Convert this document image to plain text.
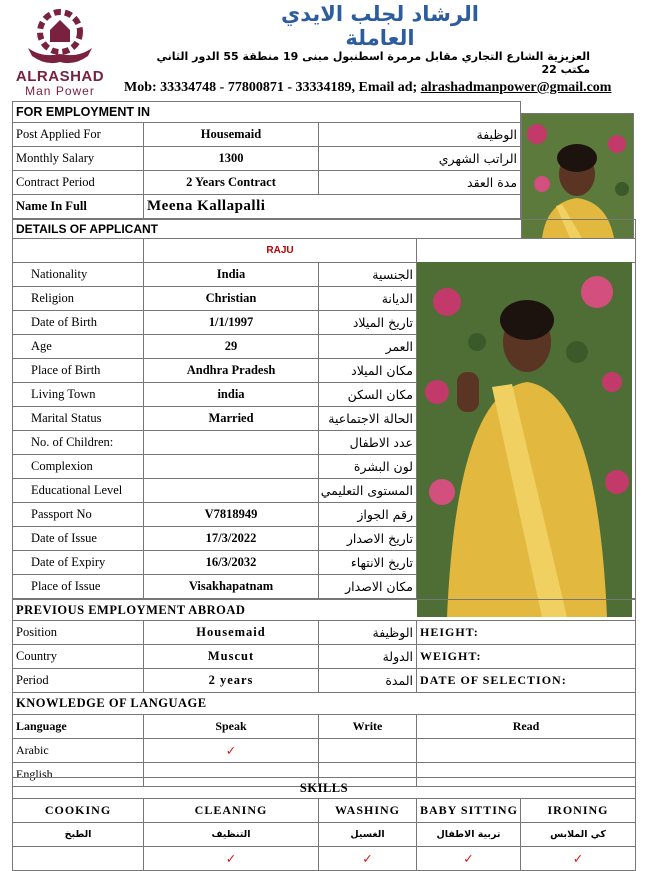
ALRASHAD
Man Power
الرشاد لجلب الايدي العاملة
العزيزية الشارع التجاري مقابل مرمرة اسطنبول مبنى 19 منطقة 55 الدور الثاني مكتب 22
Mob: 33334748 - 77800871 - 33334189, Email ad; alrashadmanpower@gmail.com
FOR EMPLOYMENT IN		
Post Applied For	Housemaid	الوظيفة
Monthly Salary	1300	الراتب الشهري
Contract Period	2 Years Contract	مدة العقد
Name In Full	Meena Kallapalli	
DETAILS OF APPLICANT			
	RAJU		
Nationality	India	الجنسية	
Religion	Christian	الديانة	
Date of Birth	1/1/1997	تاريخ الميلاد	
Age	29	العمر	
Place of Birth	Andhra Pradesh	مكان الميلاد	
Living Town	india	مكان السكن	
Marital Status	Married	الحالة الاجتماعية	
No. of Children:		عدد الاطفال	
Complexion		لون البشرة	
Educational Level		المستوى التعليمي	
Passport No	V7818949	رقم الجواز	
Date of Issue	17/3/2022	تاريخ الاصدار	
Date of Expiry	16/3/2032	تاريخ الانتهاء	
Place of Issue	Visakhapatnam	مكان الاصدار	
PREVIOUS EMPLOYMENT ABROAD			
Position	Housemaid	الوظيفة	HEIGHT:
Country	Muscut	الدولة	WEIGHT:
Period	2 years	المدة	DATE OF SELECTION:
KNOWLEDGE OF LANGUAGE			
Language	Speak	Write	Read
Arabic	✓		
English			
SKILLS				
COOKING	CLEANING	WASHING	BABY SITTING	IRONING
الطبخ	التنظيف	الغسيل	تربية الاطفال	كي الملابس
	✓	✓	✓	✓
